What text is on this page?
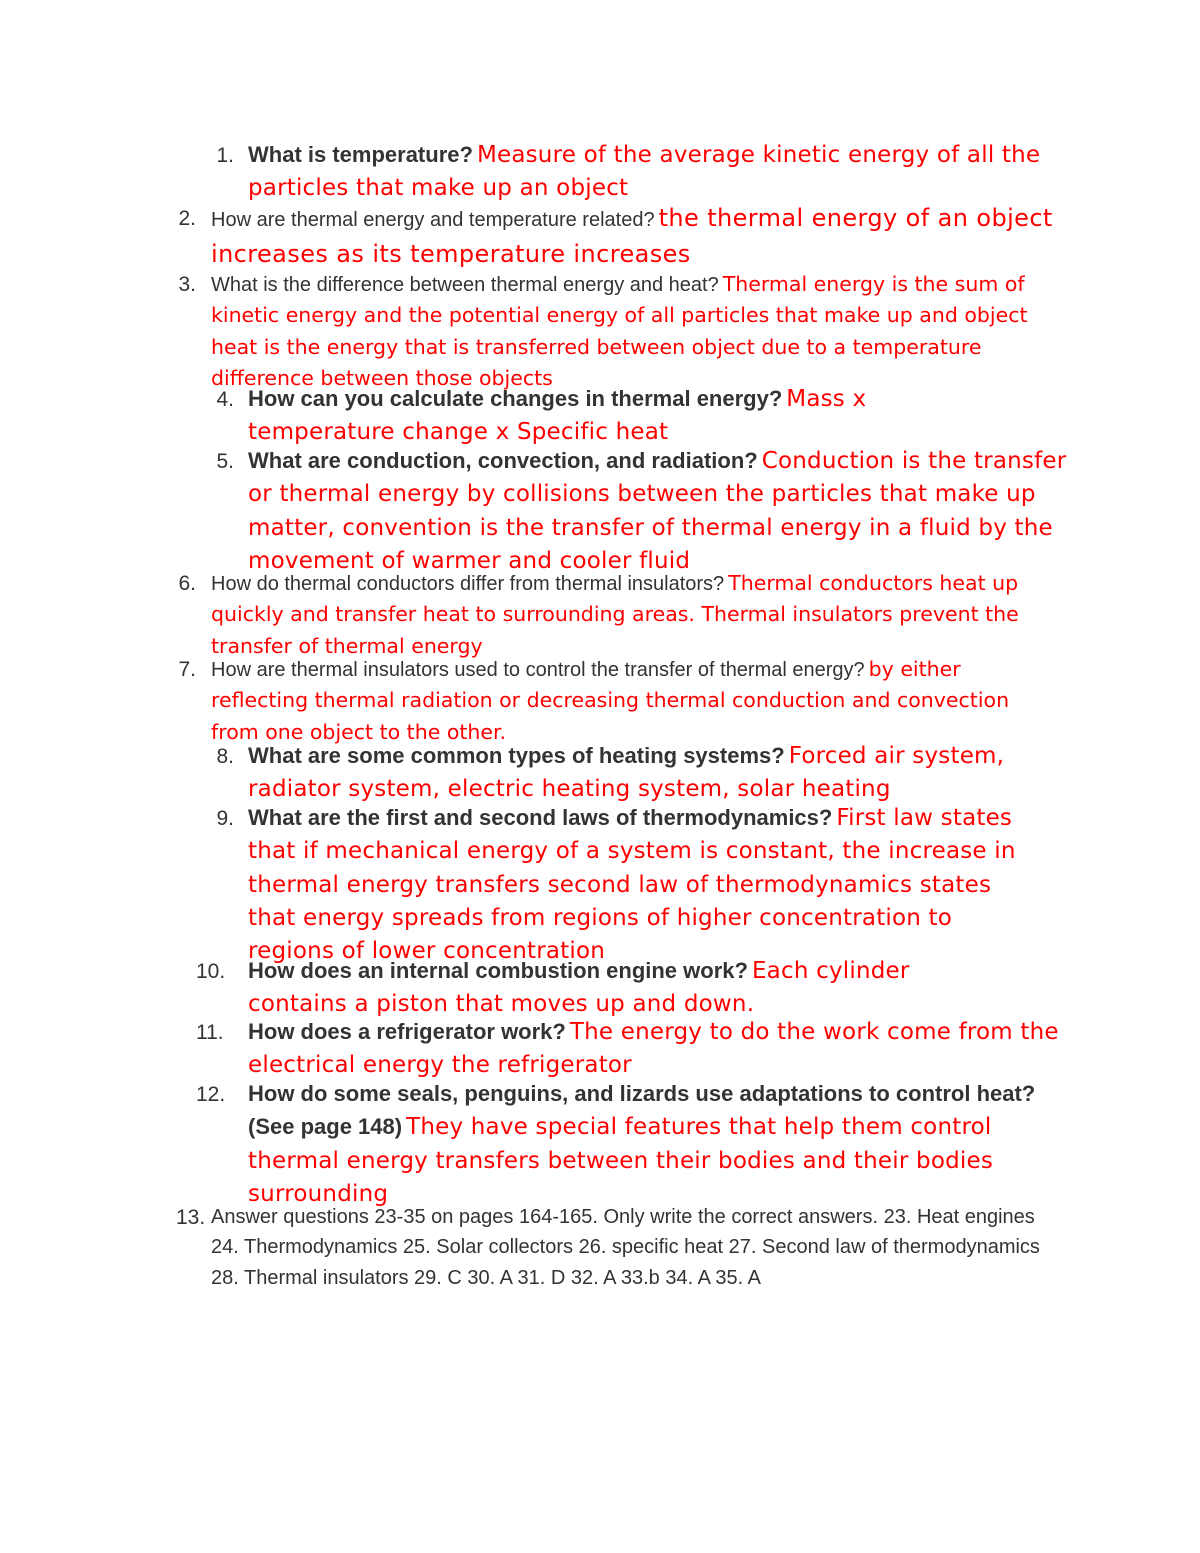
1. What is temperature? Measure of the average kinetic energy of all the particles that make up an object
2. How are thermal energy and temperature related? the thermal energy of an object increases as its temperature increases
3. What is the difference between thermal energy and heat? Thermal energy is the sum of kinetic energy and the potential energy of all particles that make up and object heat is the energy that is transferred between object due to a temperature difference between those objects
4. How can you calculate changes in thermal energy? Mass x temperature change x Specific heat
5. What are conduction, convection, and radiation? Conduction is the transfer or thermal energy by collisions between the particles that make up matter, convention is the transfer of thermal energy in a fluid by the movement of warmer and cooler fluid
6. How do thermal conductors differ from thermal insulators? Thermal conductors heat up quickly and transfer heat to surrounding areas. Thermal insulators prevent the transfer of thermal energy
7. How are thermal insulators used to control the transfer of thermal energy? by either reflecting thermal radiation or decreasing thermal conduction and convection from one object to the other.
8. What are some common types of heating systems? Forced air system, radiator system, electric heating system, solar heating
9. What are the first and second laws of thermodynamics? First law states that if mechanical energy of a system is constant, the increase in thermal energy transfers second law of thermodynamics states that energy spreads from regions of higher concentration to regions of lower concentration
10.	How does an internal combustion engine work? Each cylinder contains a piston that moves up and down.
11.	How does a refrigerator work? The energy to do the work come from the electrical energy the refrigerator
12.	How do some seals, penguins, and lizards use adaptations to control heat? (See page 148) They have special features that help them control thermal energy transfers between their bodies and their bodies surrounding
13. Answer questions 23-35 on pages 164-165. Only write the correct answers. 23. Heat engines 24. Thermodynamics 25. Solar collectors 26. specific heat 27. Second law of thermodynamics 28. Thermal insulators 29. C 30. A 31. D 32. A 33.b 34. A 35. A
